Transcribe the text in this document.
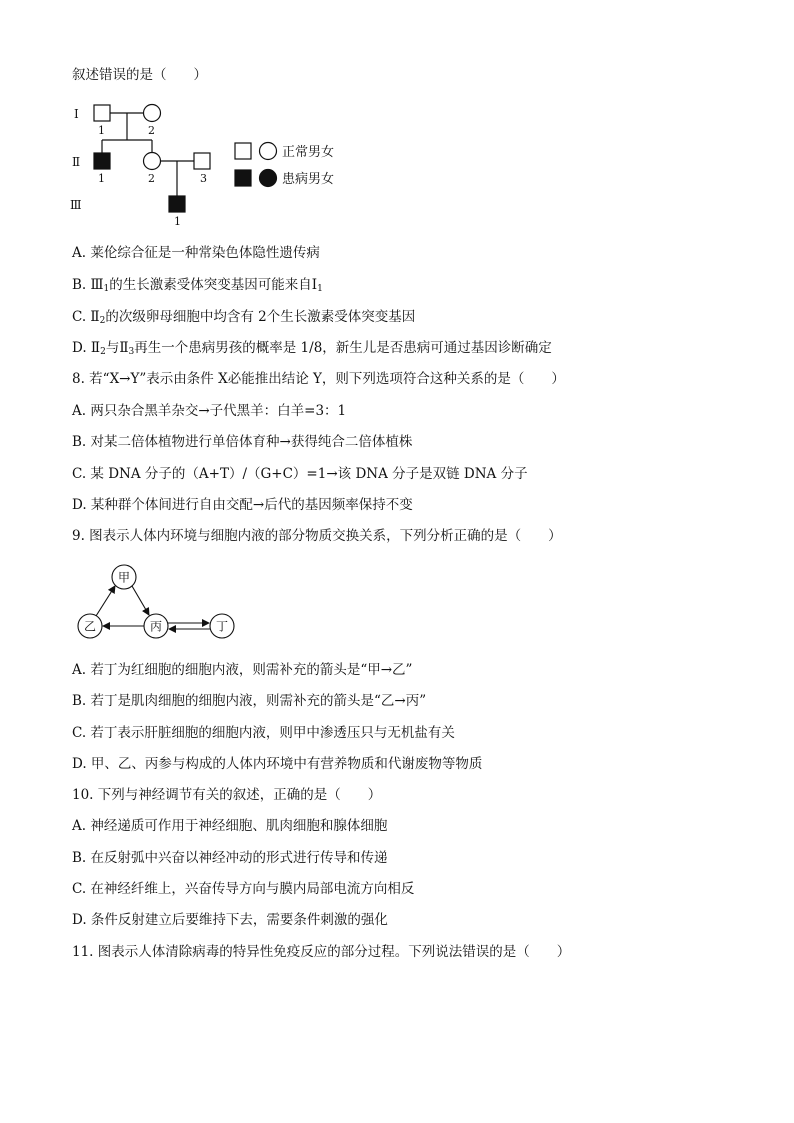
叙述错误的是（　　）
Ⅰ
Ⅱ
Ⅲ
1	2
1	2	3
1
正常男女
患病男女
A. 莱伦综合征是一种常染色体隐性遗传病
B. $Ⅲ_1$的生长激素受体突变基因可能来自$Ⅰ_1$
C. $Ⅱ_2$的次级卵母细胞中均含有 2个生长激素受体突变基因
D. $Ⅱ_2$与$Ⅱ_3$再生一个患病男孩的概率是 1/8，新生儿是否患病可通过基因诊断确定
8. 若“X→Y”表示由条件 X必能推出结论 Y，则下列选项符合这种关系的是（　　）
A. 两只杂合黑羊杂交→子代黑羊：白羊=3：1
B. 对某二倍体植物进行单倍体育种→获得纯合二倍体植株
C. 某 DNA 分子的（A+T）/（G+C）=1→该 DNA 分子是双链 DNA 分子
D. 某种群个体间进行自由交配→后代的基因频率保持不变
9. 图表示人体内环境与细胞内液的部分物质交换关系，下列分析正确的是（　　）
甲
乙	丙	丁
A. 若丁为红细胞的细胞内液，则需补充的箭头是“甲→乙”
B. 若丁是肌肉细胞的细胞内液，则需补充的箭头是“乙→丙”
C. 若丁表示肝脏细胞的细胞内液，则甲中渗透压只与无机盐有关
D. 甲、乙、丙参与构成的人体内环境中有营养物质和代谢废物等物质
10. 下列与神经调节有关的叙述，正确的是（　　）
A. 神经递质可作用于神经细胞、肌肉细胞和腺体细胞
B. 在反射弧中兴奋以神经冲动的形式进行传导和传递
C. 在神经纤维上，兴奋传导方向与膜内局部电流方向相反
D. 条件反射建立后要维持下去，需要条件刺激的强化
11. 图表示人体清除病毒的特异性免疫反应的部分过程。下列说法错误的是（　　）
